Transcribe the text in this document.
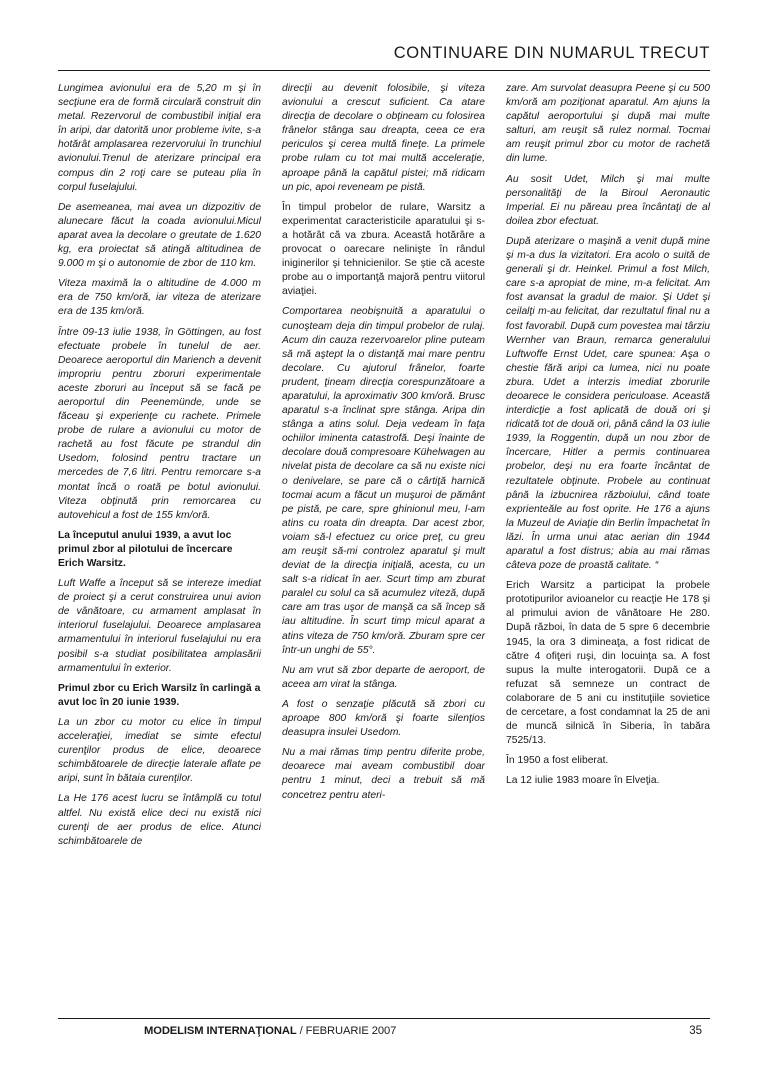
CONTINUARE DIN NUMARUL TRECUT

Lungimea avionului era de 5,20 m şi în secţiune era de formă circulară construit din metal. Rezervorul de combustibil iniţial era în aripi, dar datorită unor probleme ivite, s-a hotărât amplasarea rezervorului în trunchiul avionului.Trenul de aterizare principal era compus din 2 roţi care se puteau plia în corpul fuselajului.

De asemeanea, mai avea un dizpozitiv de alunecare făcut la coada avionului.Micul aparat avea la decolare o greutate de 1.620 kg, era proiectat să atingă altitudinea de 9.000 m şi o autonomie de zbor de 110 km.

Viteza maximă la o altitudine de 4.000 m era de 750 km/oră, iar viteza de aterizare era de 135 km/oră.

Între 09-13 iulie 1938, în Göttingen, au fost efectuate probele în tunelul de aer. Deoarece aeroportul din Mariench a devenit impropriu pentru zboruri experimentale aceste zboruri au început să se facă pe aeroportul din Peenemünde, unde se făceau şi experienţe cu rachete. Primele probe de rulare a avionului cu motor de rachetă au fost făcute pe strandul din Usedom, folosind pentru tractare un mercedes de 7,6 litri. Pentru remorcare s-a montat încă o roată pe botul avionului. Viteza obţinută prin remorcarea cu autovehicul a fost de 155 km/oră.

La începutul anului 1939, a avut loc primul zbor al pilotului de încercare Erich Warsitz.

Luft Waffe a început să se intereze imediat de proiect şi a cerut construirea unui avion de vânătoare, cu armament amplasat în interiorul fuselajului. Deoarece amplasarea armamentului în interiorul fuselajului nu era posibil s-a studiat posibilitatea amplasării armamentului în exterior.

Primul zbor cu Erich Warsilz în carlingă a avut loc în 20 iunie 1939.

La un zbor cu motor cu elice în timpul acceleraţiei, imediat se simte efectul curenţilor produs de elice, deoarece schimbătoarele de direcţie laterale aflate pe aripi, sunt în bătaia curenţilor.

La He 176 acest lucru se întâmplă cu totul altfel. Nu există elice deci nu există nici curenţi de aer produs de elice. Atunci schimbătoarele de

direcţii au devenit folosibile, şi viteza avionului a crescut suficient. Ca atare direcţia de decolare o obţineam cu folosirea frânelor stânga sau dreapta, ceea ce era periculos şi cerea multă fineţe. La primele probe rulam cu tot mai multă acceleraţie, aproape până la capătul pistei; mă ridicam un pic, apoi reveneam pe pistă.

În timpul probelor de rulare, Warsitz a experimentat caracteristicile aparatului şi s-a hotărât că va zbura. Această hotărâre a provocat o oarecare nelinişte în rândul iniginerilor şi tehnicienilor. Se ştie că aceste probe au o importanţă majoră pentru viitorul aviaţiei.

Comportarea neobişnuită a aparatului o cunoşteam deja din timpul probelor de rulaj. Acum din cauza rezervoarelor pline puteam să mă aştept la o distanţă mai mare pentru decolare. Cu ajutorul frânelor, foarte prudent, ţineam direcţia corespunzătoare a aparatului, la aproximativ 300 km/oră. Brusc aparatul s-a înclinat spre stânga. Aripa din stânga a atins solul. Deja vedeam în faţa ochiilor iminenta catastrofă. Deşi înainte de decolare două compresoare Kühelwagen au nivelat pista de decolare ca să nu existe nici o denivelare, se pare că o cârtiţă harnică tocmai acum a făcut un muşuroi de pământ pe pistă, pe care, spre ghinionul meu, l-am atins cu roata din dreapta. Dar acest zbor, voiam să-l efectuez cu orice preţ, cu greu am reuşit să-mi controlez aparatul şi mult deviat de la direcţia iniţială, acesta, cu un salt s-a ridicat în aer. Scurt timp am zburat paralel cu solul ca să acumulez viteză, după care am tras uşor de manşă ca să încep să iau altitudine. În scurt timp micul aparat a atins viteza de 750 km/oră. Zburam spre cer într-un unghi de 55°.

Nu am vrut să zbor departe de aeroport, de aceea am virat la stânga.

A fost o senzaţie plăcută să zbori cu aproape 800 km/oră şi foarte silenţios deasupra insulei Usedom.

Nu a mai rămas timp pentru diferite probe, deoarece mai aveam combustibil doar pentru 1 minut, deci a trebuit să mă concetrez pentru ateri-

zare. Am survolat deasupra Peene şi cu 500 km/oră am poziţionat aparatul. Am ajuns la capătul aeroportului şi după mai multe salturi, am reuşit să rulez normal. Tocmai am reuşit primul zbor cu motor de rachetă din lume.

Au sosit Udet, Milch şi mai multe personalităţi de la Biroul Aeronautic Imperial. Ei nu păreau prea încântaţi de al doilea zbor efectuat.

După aterizare o maşină a venit după mine şi m-a dus la vizitatori. Era acolo o suită de generali şi dr. Heinkel. Primul a fost Milch, care s-a apropiat de mine, m-a felicitat. Am fost avansat la gradul de maior. Şi Udet şi ceilalţi m-au felicitat, dar rezultatul final nu a fost favorabil. După cum povestea mai târziu Wernher van Braun, remarca generalului Luftwoffe Ernst Udet, care spunea: Aşa o chestie fără aripi ca lumea, nici nu poate zbura. Udet a interzis imediat zborurile deoarece le considera periculoase. Această interdicţie a fost aplicată de două ori şi ridicată tot de două ori, până când la 03 iulie 1939, la Roggentin, după un nou zbor de încercare, Hitler a permis continuarea probelor, deşi nu era foarte încântat de rezultatele obţinute. Probele au continuat până la izbucnirea războiului, când toate exprienteăle au fost oprite. He 176 a ajuns la Muzeul de Aviaţie din Berlin împachetat în lăzi. În urma unui atac aerian din 1944 aparatul a fost distrus; abia au mai rămas câteva poze de proastă calitate. “

Erich Warsitz a participat la probele prototipurilor avioanelor cu reacţie He 178 şi al primului avion de vânătoare He 280. După război, în data de 5 spre 6 decembrie 1945, la ora 3 dimineaţa, a fost ridicat de către 4 ofiţeri ruşi, din locuinţa sa. A fost supus la multe interogatorii. După ce a refuzat să semneze un contract de colaborare de 5 ani cu instituţiile sovietice de cercetare, a fost condamnat la 25 de ani de muncă silnică în Siberia, în tabăra 7525/13.

În 1950 a fost eliberat.

La 12 iulie 1983 moare în Elveţia.

MODELISM INTERNAŢIONAL / FEBRUARIE 2007	35
